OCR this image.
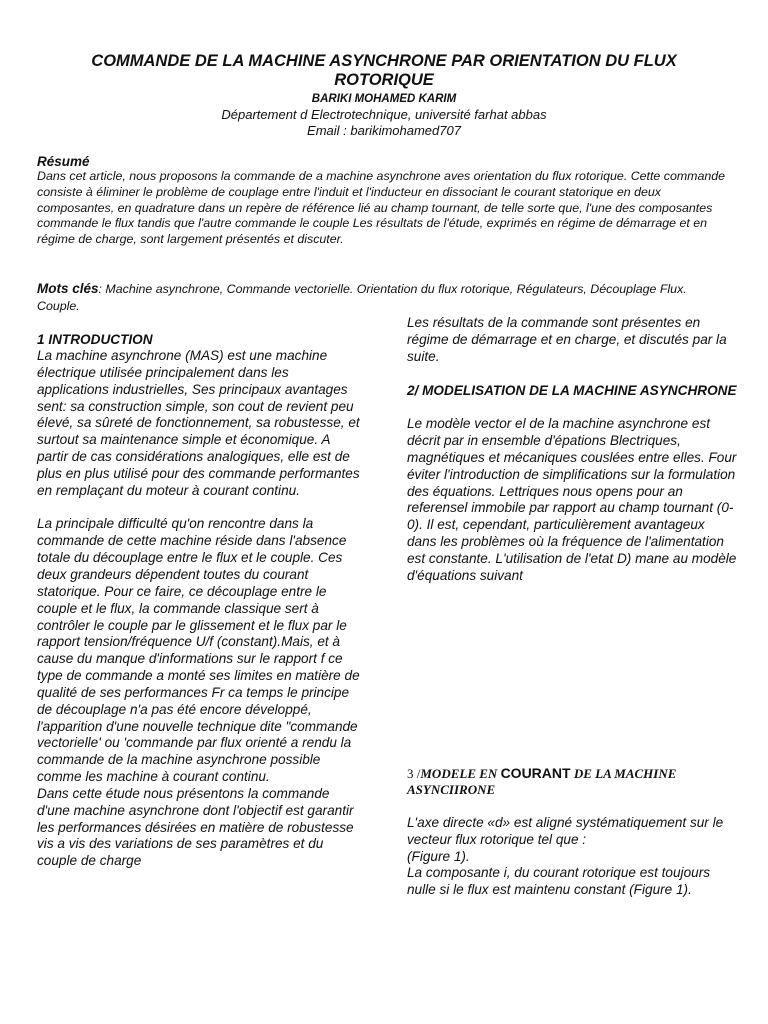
COMMANDE DE LA MACHINE ASYNCHRONE PAR ORIENTATION DU FLUX ROTORIQUE
BARIKI MOHAMED KARIM
Département d Electrotechnique, université farhat abbas
Email : barikimohamed707
Résumé

Dans cet article, nous proposons la commande de a machine asynchrone aves orientation du flux rotorique. Cette commande consiste à éliminer le problème de couplage entre l'induit et l'inducteur en dissociant le courant statorique en deux composantes, en quadrature dans un repère de référence lié au champ tournant, de telle sorte que, l'une des composantes commande le flux tandis que l'autre commande le couple Les résultats de l'étude, exprimés en régime de démarrage et en régime de charge, sont largement présentés et discuter.

Mots clés: Machine asynchrone, Commande vectorielle. Orientation du flux rotorique, Régulateurs, Découplage Flux. Couple.

1 INTRODUCTION

La machine asynchrone (MAS) est une machine électrique utilisée principalement dans les applications industrielles, Ses principaux avantages sent: sa construction simple, son cout de revient peu élevé, sa sûreté de fonctionnement, sa robustesse, et surtout sa maintenance simple et économique. A partir de cas considérations analogiques, elle est de plus en plus utilisé pour des commande performantes en remplaçant du moteur à courant continu.

La principale difficulté qu'on rencontre dans la commande de cette machine réside dans l'absence totale du découplage entre le flux et le couple. Ces deux grandeurs dépendent toutes du courant statorique. Pour ce faire, ce découplage entre le couple et le flux, la commande classique sert à contrôler le couple par le glissement et le flux par le rapport tension/fréquence U/f (constant).Mais, et à cause du manque d'informations sur le rapport f ce type de commande a monté ses limites en matière de qualité de ses performances Fr ca temps le principe de découplage n'a pas été encore développé, l'apparition d'une nouvelle technique dite "commande vectorielle' ou 'commande par flux orienté a rendu la commande de la machine asynchrone possible comme les machine à courant continu.

Dans cette étude nous présentons la commande d'une machine asynchrone dont l'objectif est garantir les performances désirées en matière de robustesse vis a vis des variations de ses paramètres et du couple de charge

Les résultats de la commande sont présentes en régime de démarrage et en charge, et discutés par la suite.

2/ MODELISATION DE LA MACHINE ASYNCHRONE

Le modèle vector el de la machine asynchrone est décrit par in ensemble d'épations Blectriques, magnétiques et mécaniques couslées entre elles. Four éviter l'introduction de simplifications sur la formulation des équations. Lettriques nous opens pour an referensel immobile par rapport au champ tournant (0-0). Il est, cependant, particulièrement avantageux dans les problèmes où la fréquence de l'alimentation est constante. L'utilisation de l'etat D) mane au modèle d'équations suivant

3 /MODELE EN COURANT DE LA MACHINE ASYNCIIRONE

L'axe directe «d» est aligné systématiquement sur le vecteur flux rotorique tel que :

(Figure 1).

La composante i, du courant rotorique est toujours nulle si le flux est maintenu constant (Figure 1).
